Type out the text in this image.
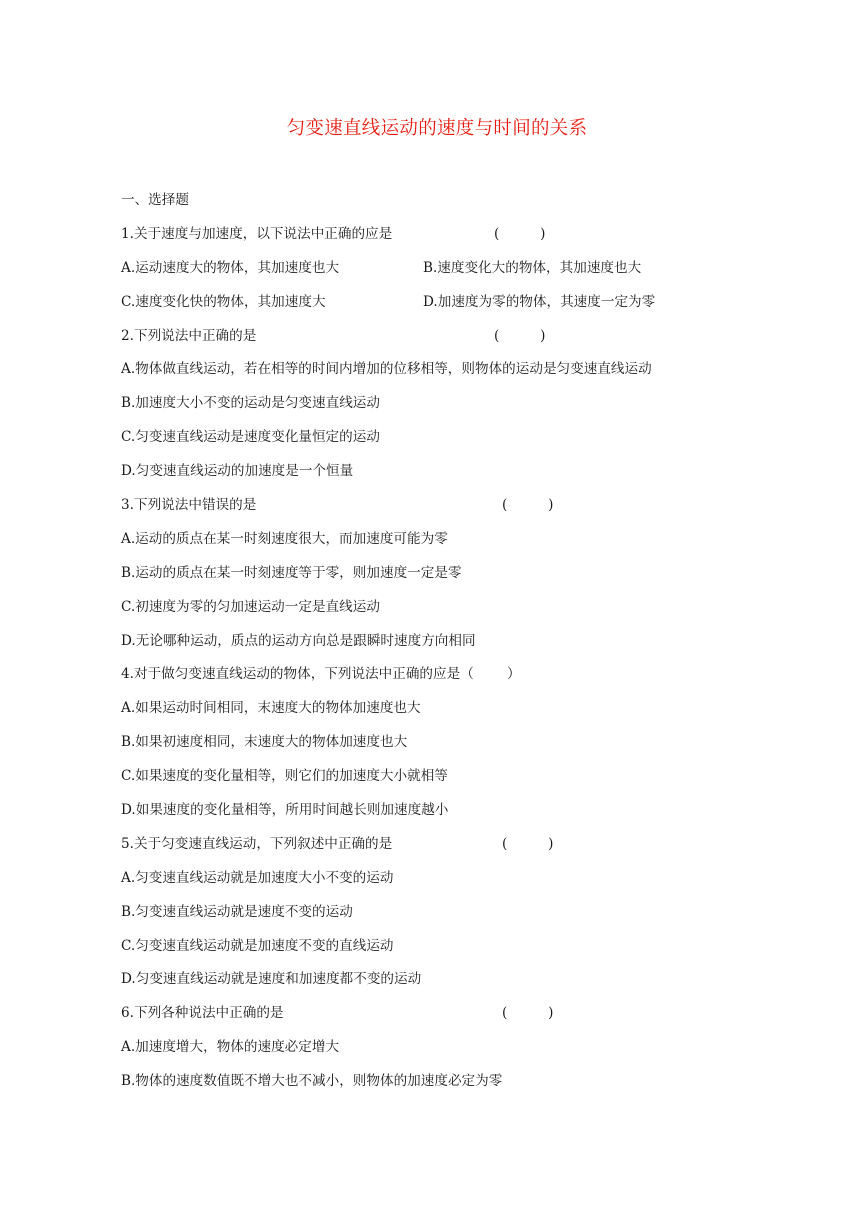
匀变速直线运动的速度与时间的关系
一、选择题
1.关于速度与加速度，以下说法中正确的应是	(　　　)
A.运动速度大的物体，其加速度也大	B.速度变化大的物体，其加速度也大
C.速度变化快的物体，其加速度大	D.加速度为零的物体，其速度一定为零
2.下列说法中正确的是	(　　　)
A.物体做直线运动，若在相等的时间内增加的位移相等，则物体的运动是匀变速直线运动
B.加速度大小不变的运动是匀变速直线运动
C.匀变速直线运动是速度变化量恒定的运动
D.匀变速直线运动的加速度是一个恒量
3.下列说法中错误的是	(　　　)
A.运动的质点在某一时刻速度很大，而加速度可能为零
B.运动的质点在某一时刻速度等于零，则加速度一定是零
C.初速度为零的匀加速运动一定是直线运动
D.无论哪种运动，质点的运动方向总是跟瞬时速度方向相同
4.对于做匀变速直线运动的物体，下列说法中正确的应是（ ）
A.如果运动时间相同，末速度大的物体加速度也大
B.如果初速度相同，末速度大的物体加速度也大
C.如果速度的变化量相等，则它们的加速度大小就相等
D.如果速度的变化量相等，所用时间越长则加速度越小
5.关于匀变速直线运动，下列叙述中正确的是	(　　　)
A.匀变速直线运动就是加速度大小不变的运动
B.匀变速直线运动就是速度不变的运动
C.匀变速直线运动就是加速度不变的直线运动
D.匀变速直线运动就是速度和加速度都不变的运动
6.下列各种说法中正确的是	(　　　)
A.加速度增大，物体的速度必定增大
B.物体的速度数值既不增大也不减小，则物体的加速度必定为零
